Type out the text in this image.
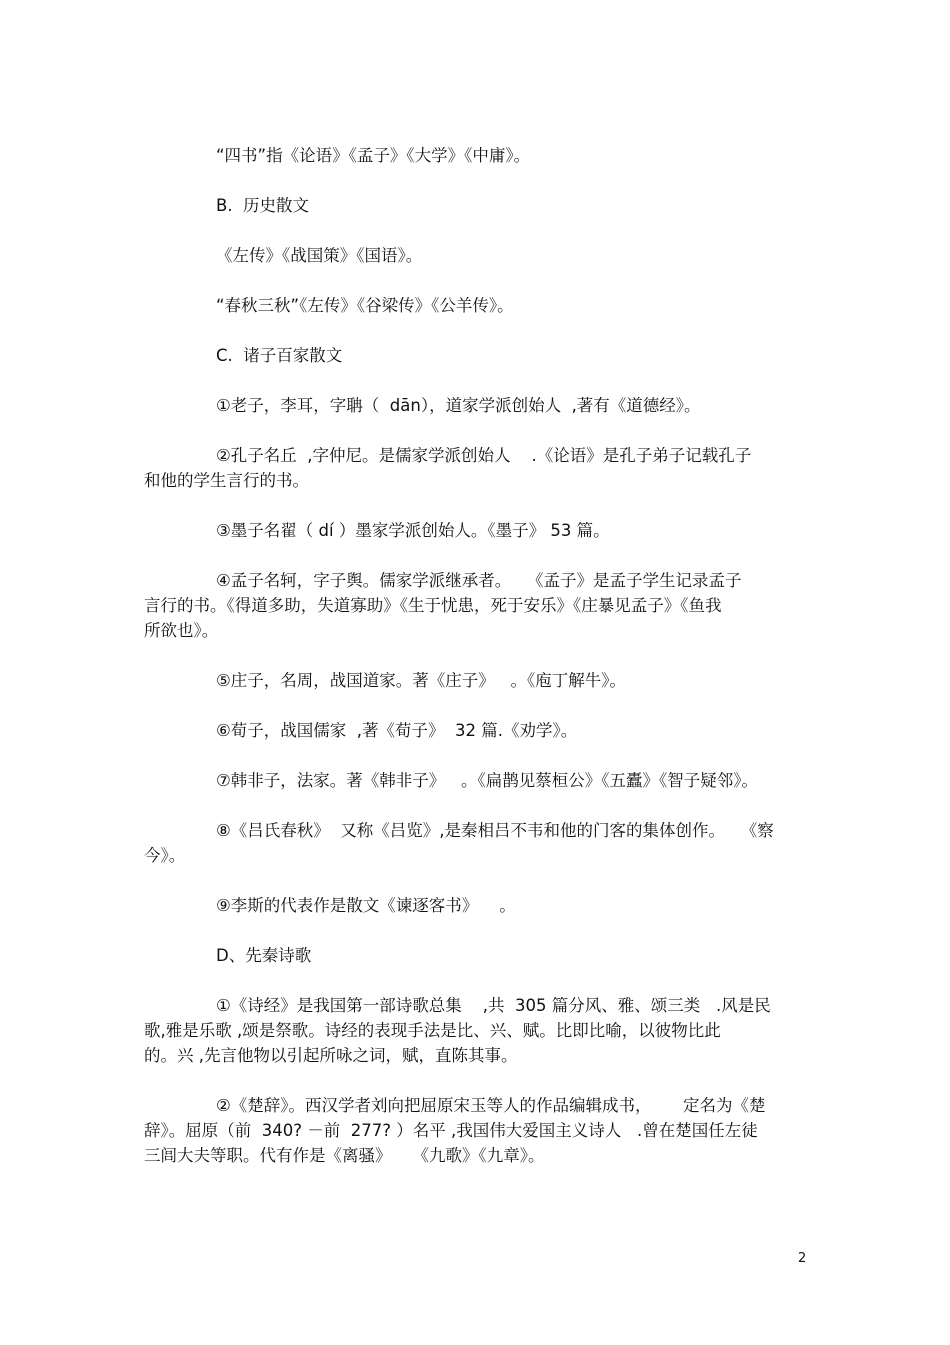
“四书”指《论语》《孟子》《大学》《中庸》。

B.  历史散文

《左传》《战国策》《国语》。

“春秋三秋”《左传》《谷梁传》《公羊传》。

C.  诸子百家散文

①老子，李耳，字聃（  dān），道家学派创始人  ,著有《道德经》。

②孔子名丘  ,字仲尼。是儒家学派创始人    .《论语》是孔子弟子记载孔子

和他的学生言行的书。

③墨子名翟（ dí ）墨家学派创始人。《墨子》 53 篇。

④孟子名轲，字子舆。儒家学派继承者。   《孟子》是孟子学生记录孟子

言行的书。《得道多助，失道寡助》《生于忧患，死于安乐》《庄暴见孟子》《鱼我

所欲也》。

⑤庄子，名周，战国道家。著《庄子》   。《庖丁解牛》。

⑥荀子，战国儒家  ,著《荀子》  32 篇.《劝学》。

⑦韩非子，法家。著《韩非子》   。《扁鹊见蔡桓公》《五蠹》《智子疑邻》。

⑧《吕氏春秋》  又称《吕览》,是秦相吕不韦和他的门客的集体创作。   《察

今》。

⑨李斯的代表作是散文《谏逐客书》    。

D、先秦诗歌

①《诗经》是我国第一部诗歌总集    ,共  305 篇分风、雅、颂三类   .风是民

歌,雅是乐歌 ,颂是祭歌。诗经的表现手法是比、兴、赋。比即比喻，以彼物比此

的。兴 ,先言他物以引起所咏之词，赋，直陈其事。

②《楚辞》。西汉学者刘向把屈原宋玉等人的作品编辑成书，      定名为《楚

辞》。屈原（前  340? －前  277? ）名平 ,我国伟大爱国主义诗人   .曾在楚国任左徒

三闾大夫等职。代有作是《离骚》    《九歌》《九章》。

2
